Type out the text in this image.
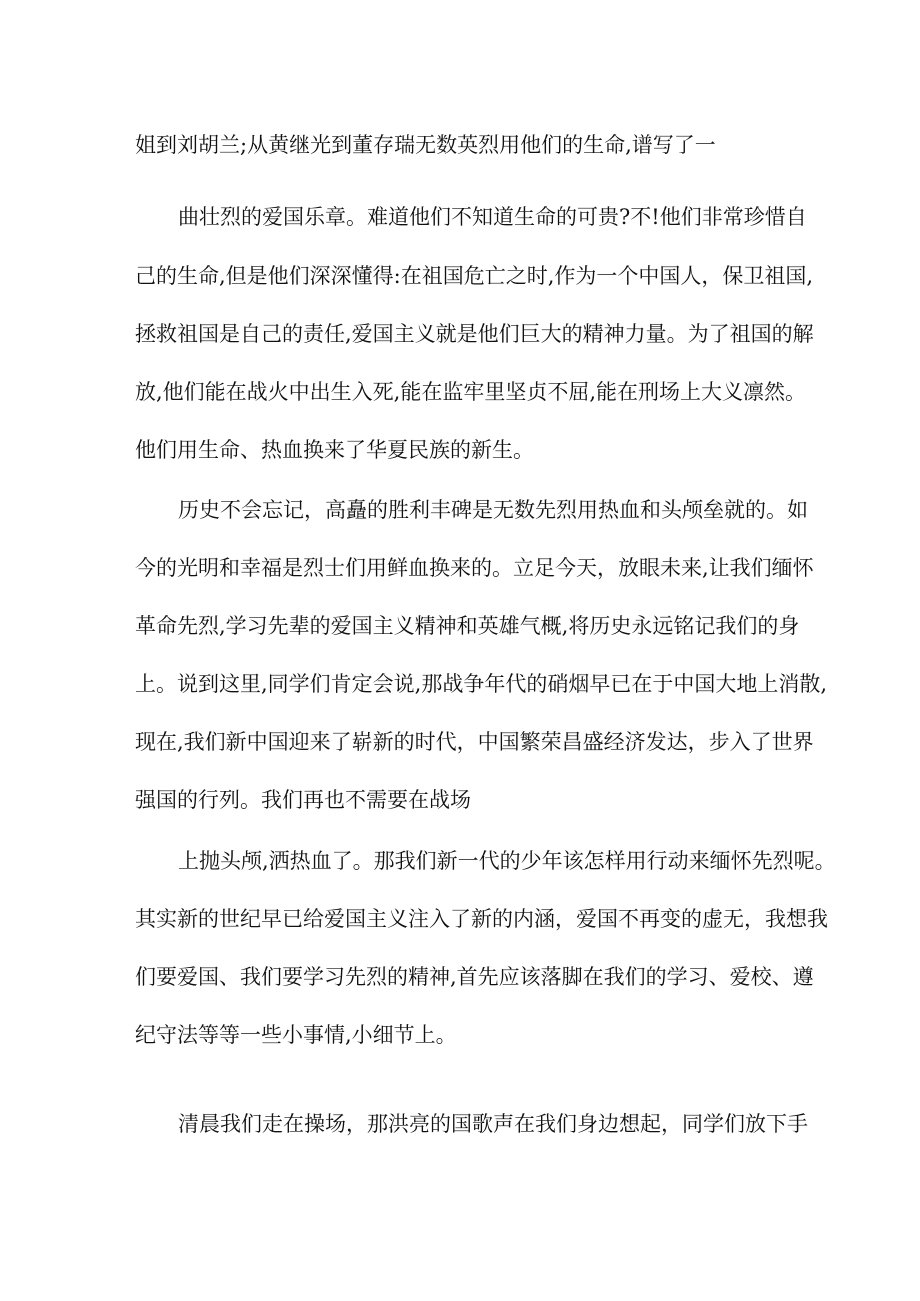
姐到刘胡兰;从黄继光到董存瑞无数英烈用他们的生命,谱写了一

曲壮烈的爱国乐章。难道他们不知道生命的可贵?不!他们非常珍惜自

己的生命,但是他们深深懂得:在祖国危亡之时,作为一个中国人，保卫祖国,

拯救祖国是自己的责任,爱国主义就是他们巨大的精神力量。为了祖国的解

放,他们能在战火中出生入死,能在监牢里坚贞不屈,能在刑场上大义凛然。

他们用生命、热血换来了华夏民族的新生。

历史不会忘记，高矗的胜利丰碑是无数先烈用热血和头颅垒就的。如

今的光明和幸福是烈士们用鲜血换来的。立足今天，放眼未来,让我们缅怀

革命先烈,学习先辈的爱国主义精神和英雄气概,将历史永远铭记我们的身

上。说到这里,同学们肯定会说,那战争年代的硝烟早已在于中国大地上消散,

现在,我们新中国迎来了崭新的时代，中国繁荣昌盛经济发达，步入了世界

强国的行列。我们再也不需要在战场

上抛头颅,洒热血了。那我们新一代的少年该怎样用行动来缅怀先烈呢。

其实新的世纪早已给爱国主义注入了新的内涵，爱国不再变的虚无，我想我

们要爱国、我们要学习先烈的精神,首先应该落脚在我们的学习、爱校、遵

纪守法等等一些小事情,小细节上。

清晨我们走在操场，那洪亮的国歌声在我们身边想起，同学们放下手
